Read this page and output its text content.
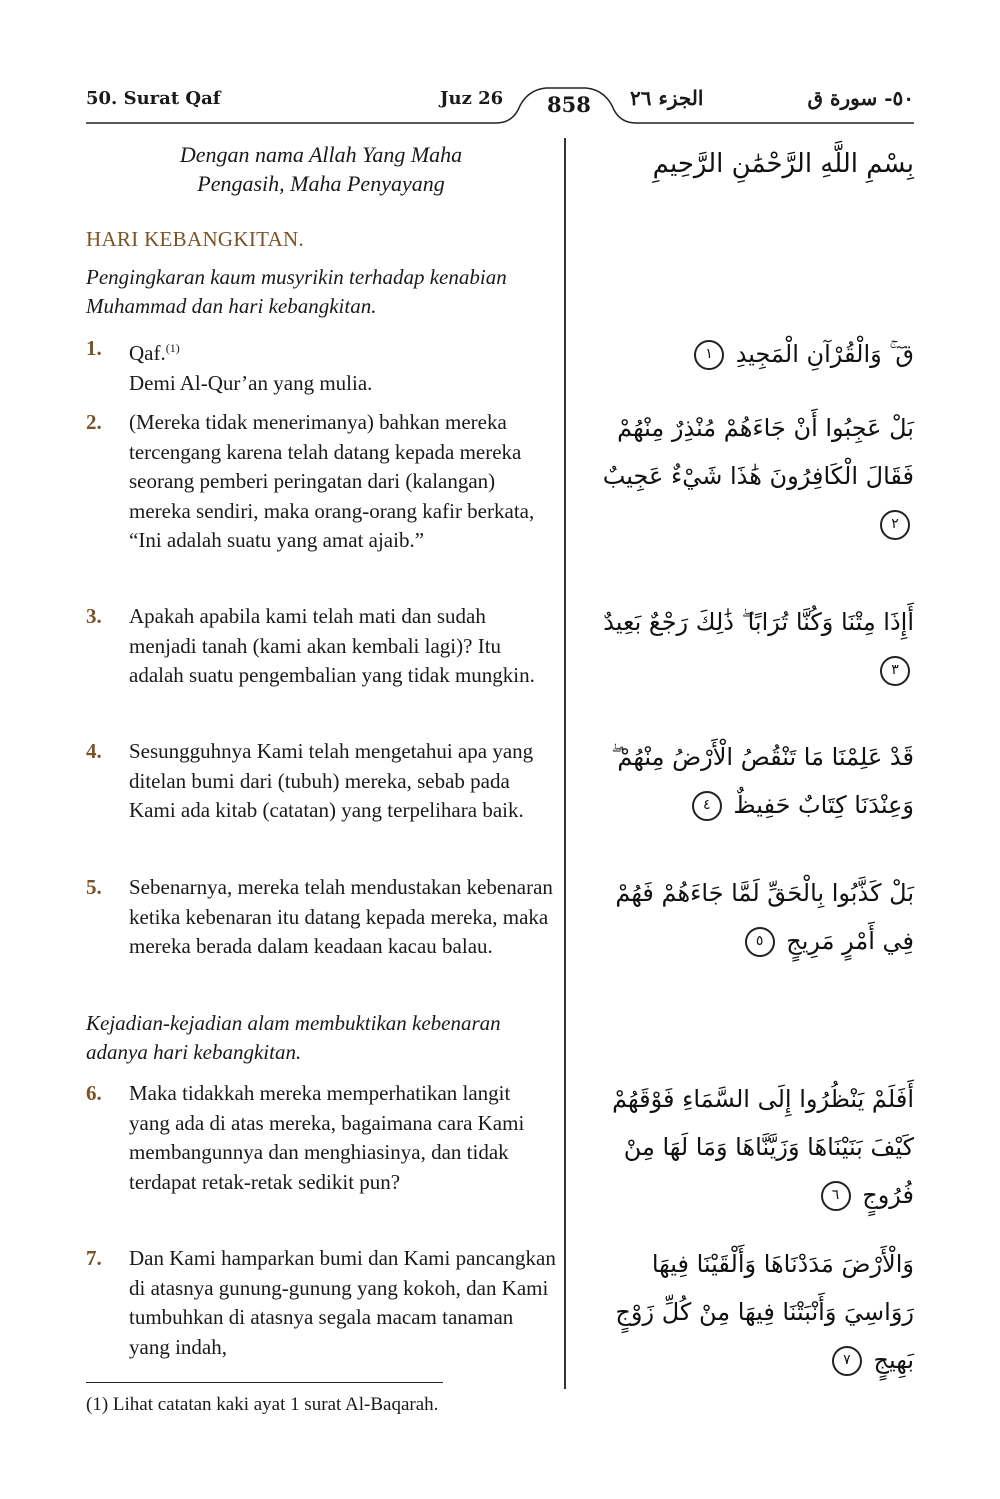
50. Surat Qaf	Juz 26 858 الجزء ٢٦	٥٠- سورة ق
بِسْمِ اللَّهِ الرَّحْمَٰنِ الرَّحِيمِ
Dengan nama Allah Yang Maha
Pengasih, Maha Penyayang
HARI KEBANGKITAN.
Pengingkaran kaum musyrikin terhadap kenabian Muhammad dan hari kebangkitan.
1. Qaf.$^{(1)}$
Demi Al-Qur’an yang mulia.
قٓ ۚ وَالْقُرْآنِ الْمَجِيدِ ١
2. (Mereka tidak menerimanya) bahkan mereka tercengang karena telah datang kepada mereka seorang pemberi peringatan dari (kalangan) mereka sendiri, maka orang-orang kafir berkata, “Ini adalah suatu yang amat ajaib.”
بَلْ عَجِبُوا أَنْ جَاءَهُمْ مُنْذِرٌ مِنْهُمْ فَقَالَ الْكَافِرُونَ هَٰذَا شَيْءٌ عَجِيبٌ ٢
3. Apakah apabila kami telah mati dan sudah menjadi tanah (kami akan kembali lagi)? Itu adalah suatu pengembalian yang tidak mungkin.
أَإِذَا مِتْنَا وَكُنَّا تُرَابًا ۖ ذَٰلِكَ رَجْعٌ بَعِيدٌ ٣
4. Sesungguhnya Kami telah mengetahui apa yang ditelan bumi dari (tubuh) mereka, sebab pada Kami ada kitab (catatan) yang terpelihara baik.
قَدْ عَلِمْنَا مَا تَنْقُصُ الْأَرْضُ مِنْهُمْ ۖ وَعِنْدَنَا كِتَابٌ حَفِيظٌ ٤
5. Sebenarnya, mereka telah mendustakan kebenaran ketika kebenaran itu datang kepada mereka, maka mereka berada dalam keadaan kacau balau.
بَلْ كَذَّبُوا بِالْحَقِّ لَمَّا جَاءَهُمْ فَهُمْ فِي أَمْرٍ مَرِيجٍ ٥
Kejadian-kejadian alam membuktikan kebenaran adanya hari kebangkitan.
6. Maka tidakkah mereka memperhatikan langit yang ada di atas mereka, bagaimana cara Kami membangunnya dan menghiasinya, dan tidak terdapat retak-retak sedikit pun?
أَفَلَمْ يَنْظُرُوا إِلَى السَّمَاءِ فَوْقَهُمْ كَيْفَ بَنَيْنَاهَا وَزَيَّنَّاهَا وَمَا لَهَا مِنْ فُرُوجٍ ٦
7. Dan Kami hamparkan bumi dan Kami pancangkan di atasnya gunung-gunung yang kokoh, dan Kami tumbuhkan di atasnya segala macam tanaman yang indah,
وَالْأَرْضَ مَدَدْنَاهَا وَأَلْقَيْنَا فِيهَا رَوَاسِيَ وَأَنْبَتْنَا فِيهَا مِنْ كُلِّ زَوْجٍ بَهِيجٍ ٧
(1) Lihat catatan kaki ayat 1 surat Al-Baqarah.
